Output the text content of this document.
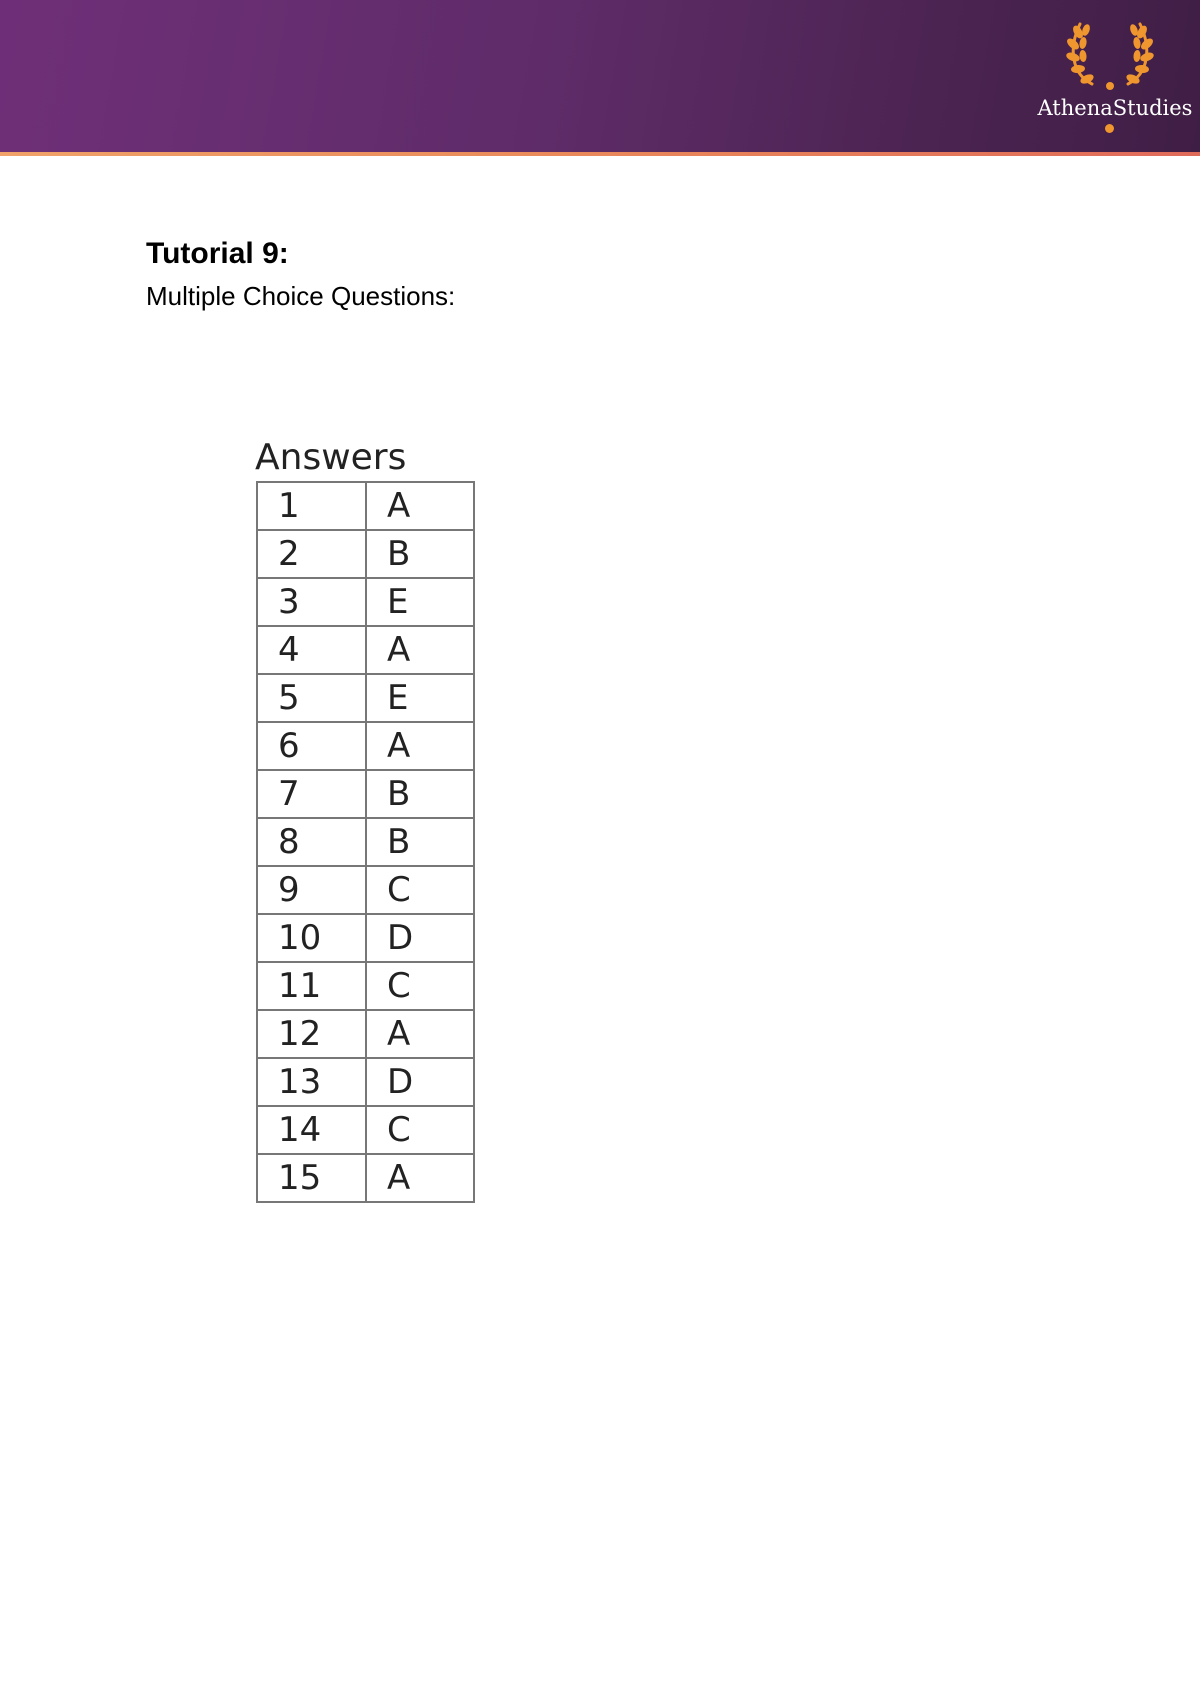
AthenaStudies
Tutorial 9:
Multiple Choice Questions:
Answers
1	A
2	B
3	E
4	A
5	E
6	A
7	B
8	B
9	C
10	D
11	C
12	A
13	D
14	C
15	A
